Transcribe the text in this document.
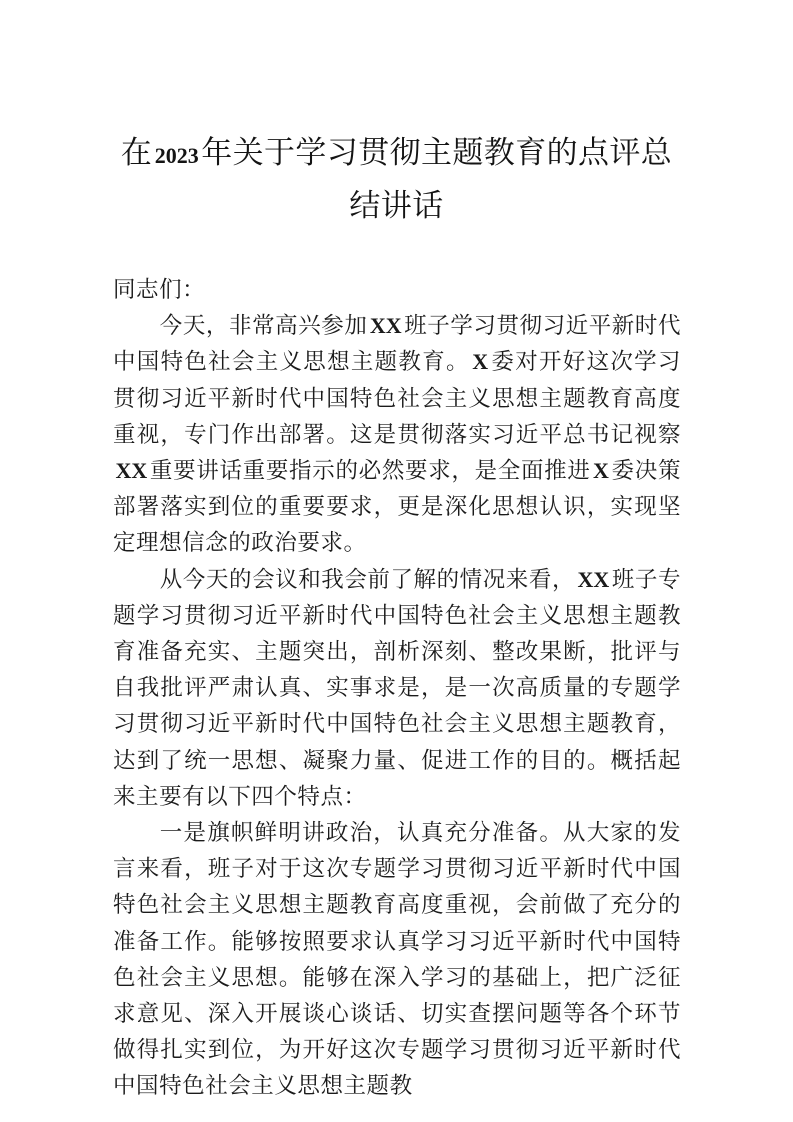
在 2023年关于学习贯彻主题教育的点评总结讲话

同志们：

今天，非常高兴参加 XX 班子学习贯彻习近平新时代中国特色社会主义思想主题教育。 X 委对开好这次学习贯彻习近平新时代中国特色社会主义思想主题教育高度重视，专门作出部署。这是贯彻落实习近平总书记视察XX 重要讲话重要指示的必然要求，是全面推进 X 委决策部署落实到位的重要要求，更是深化思想认识，实现坚定理想信念的政治要求。

从今天的会议和我会前了解的情况来看， XX 班子专题学习贯彻习近平新时代中国特色社会主义思想主题教育准备充实、主题突出，剖析深刻、整改果断，批评与自我批评严肃认真、实事求是，是一次高质量的专题学习贯彻习近平新时代中国特色社会主义思想主题教育，达到了统一思想、凝聚力量、促进工作的目的。概括起来主要有以下四个特点：

一是旗帜鲜明讲政治，认真充分准备。从大家的发言来看，班子对于这次专题学习贯彻习近平新时代中国特色社会主义思想主题教育高度重视，会前做了充分的准备工作。能够按照要求认真学习习近平新时代中国特色社会主义思想。能够在深入学习的基础上，把广泛征求意见、深入开展谈心谈话、切实查摆问题等各个环节做得扎实到位，为开好这次专题学习贯彻习近平新时代中国特色社会主义思想主题教
